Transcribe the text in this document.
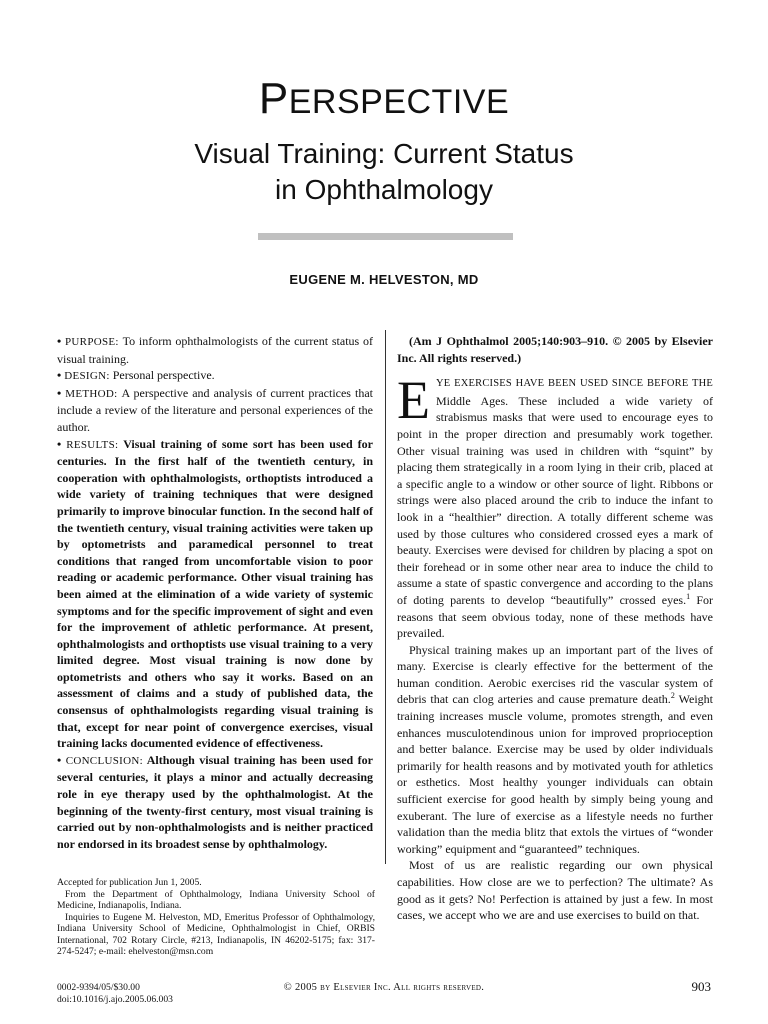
PERSPECTIVE
Visual Training: Current Status
in Ophthalmology
EUGENE M. HELVESTON, MD

• PURPOSE: To inform ophthalmologists of the current status of visual training.

• DESIGN: Personal perspective.

• METHOD: A perspective and analysis of current practices that include a review of the literature and personal experiences of the author.

• RESULTS: Visual training of some sort has been used for centuries. In the first half of the twentieth century, in cooperation with ophthalmologists, orthoptists introduced a wide variety of training techniques that were designed primarily to improve binocular function. In the second half of the twentieth century, visual training activities were taken up by optometrists and paramedical personnel to treat conditions that ranged from uncomfortable vision to poor reading or academic performance. Other visual training has been aimed at the elimination of a wide variety of systemic symptoms and for the specific improvement of sight and even for the improvement of athletic performance. At present, ophthalmologists and orthoptists use visual training to a very limited degree. Most visual training is now done by optometrists and others who say it works. Based on an assessment of claims and a study of published data, the consensus of ophthalmologists regarding visual training is that, except for near point of convergence exercises, visual training lacks documented evidence of effectiveness.

• CONCLUSION: Although visual training has been used for several centuries, it plays a minor and actually decreasing role in eye therapy used by the ophthalmologist. At the beginning of the twenty-first century, most visual training is carried out by non-ophthalmologists and is neither practiced nor endorsed in its broadest sense by ophthalmology.

(Am J Ophthalmol 2005;140:903–910. © 2005 by Elsevier Inc. All rights reserved.)

EYE EXERCISES HAVE BEEN USED SINCE BEFORE THE Middle Ages. These included a wide variety of strabismus masks that were used to encourage eyes to point in the proper direction and presumably work together. Other visual training was used in children with “squint” by placing them strategically in a room lying in their crib, placed at a specific angle to a window or other source of light. Ribbons or strings were also placed around the crib to induce the infant to look in a “healthier” direction. A totally different scheme was used by those cultures who considered crossed eyes a mark of beauty. Exercises were devised for children by placing a spot on their forehead or in some other near area to induce the child to assume a state of spastic convergence and according to the plans of doting parents to develop “beautifully” crossed eyes.$^1$ For reasons that seem obvious today, none of these methods have prevailed.

Physical training makes up an important part of the lives of many. Exercise is clearly effective for the betterment of the human condition. Aerobic exercises rid the vascular system of debris that can clog arteries and cause premature death.$^2$ Weight training increases muscle volume, promotes strength, and even enhances musculotendinous union for improved proprioception and better balance. Exercise may be used by older individuals primarily for health reasons and by motivated youth for athletics or esthetics. Most healthy younger individuals can obtain sufficient exercise for good health by simply being young and exuberant. The lure of exercise as a lifestyle needs no further validation than the media blitz that extols the virtues of “wonder working” equipment and “guaranteed” techniques.

Most of us are realistic regarding our own physical capabilities. How close are we to perfection? The ultimate? As good as it gets? No! Perfection is attained by just a few. In most cases, we accept who we are and use exercises to build on that.

Accepted for publication Jun 1, 2005.

From the Department of Ophthalmology, Indiana University School of Medicine, Indianapolis, Indiana.

Inquiries to Eugene M. Helveston, MD, Emeritus Professor of Ophthalmology, Indiana University School of Medicine, Ophthalmologist in Chief, ORBIS International, 702 Rotary Circle, #213, Indianapolis, IN 46202-5175; fax: 317-274-5247; e-mail: ehelveston@msn.com

0002-9394/05/$30.00
doi:10.1016/j.ajo.2005.06.003
© 2005 by Elsevier Inc. All rights reserved.	903
